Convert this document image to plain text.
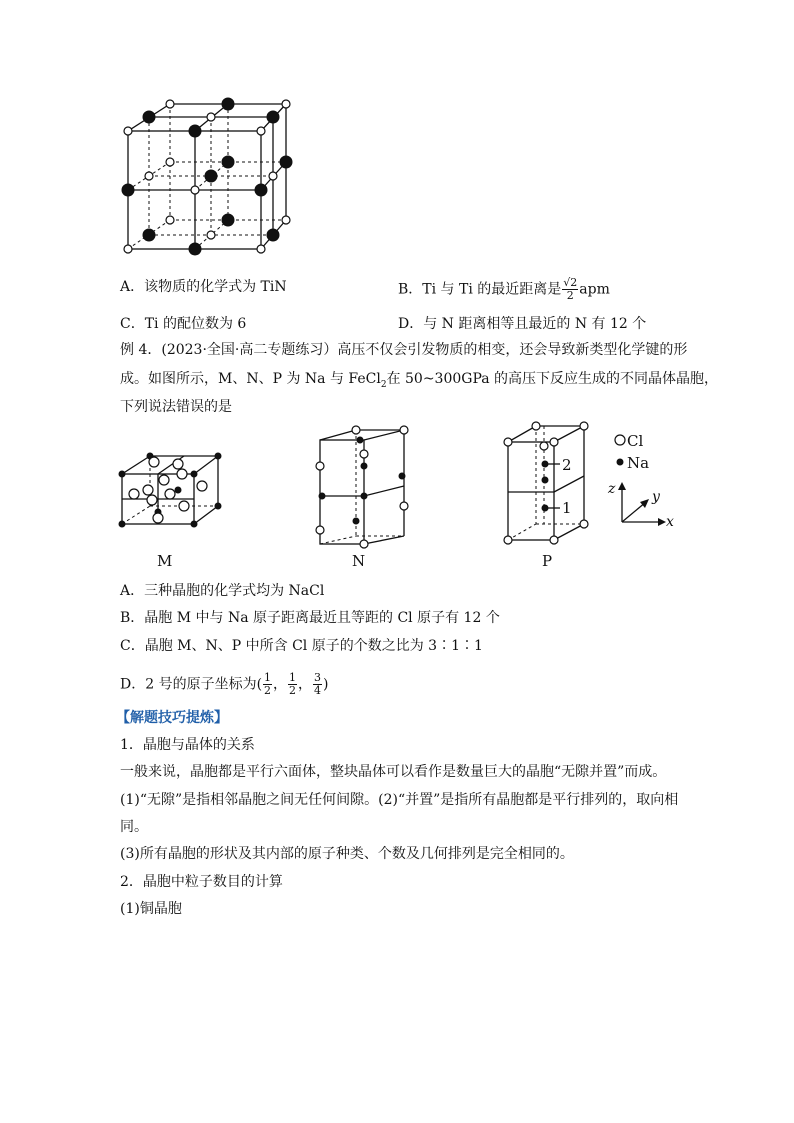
A．该物质的化学式为 TiN	B．Ti 与 Ti 的最近距离是 $\frac{√2}{2}$ apm
C．Ti 的配位数为 6	D．与 N 距离相等且最近的 N 有 12 个
例 4．(2023·全国·高二专题练习）高压不仅会引发物质的相变，还会导致新类型化学键的形
成。如图所示，M、N、P 为 Na 与 FeCl$_2$在 50~300GPa 的高压下反应生成的不同晶体晶胞，
下列说法错误的是
M	N
2
1
P
Cl
Na
z	y
x
A．三种晶胞的化学式均为 NaCl
B．晶胞 M 中与 Na 原子距离最近且等距的 Cl 原子有 12 个
C．晶胞 M、N、P 中所含 Cl 原子的个数之比为 3∶1∶1
D．2 号的原子坐标为( $\frac{1}{2}$ ， $\frac{1}{2}$ ， $\frac{3}{4}$ )
【解题技巧提炼】
1．晶胞与晶体的关系
一般来说，晶胞都是平行六面体，整块晶体可以看作是数量巨大的晶胞“无隙并置”而成。
(1)“无隙”是指相邻晶胞之间无任何间隙。(2)“并置”是指所有晶胞都是平行排列的，取向相
同。
(3)所有晶胞的形状及其内部的原子种类、个数及几何排列是完全相同的。
2．晶胞中粒子数目的计算
(1)铜晶胞
